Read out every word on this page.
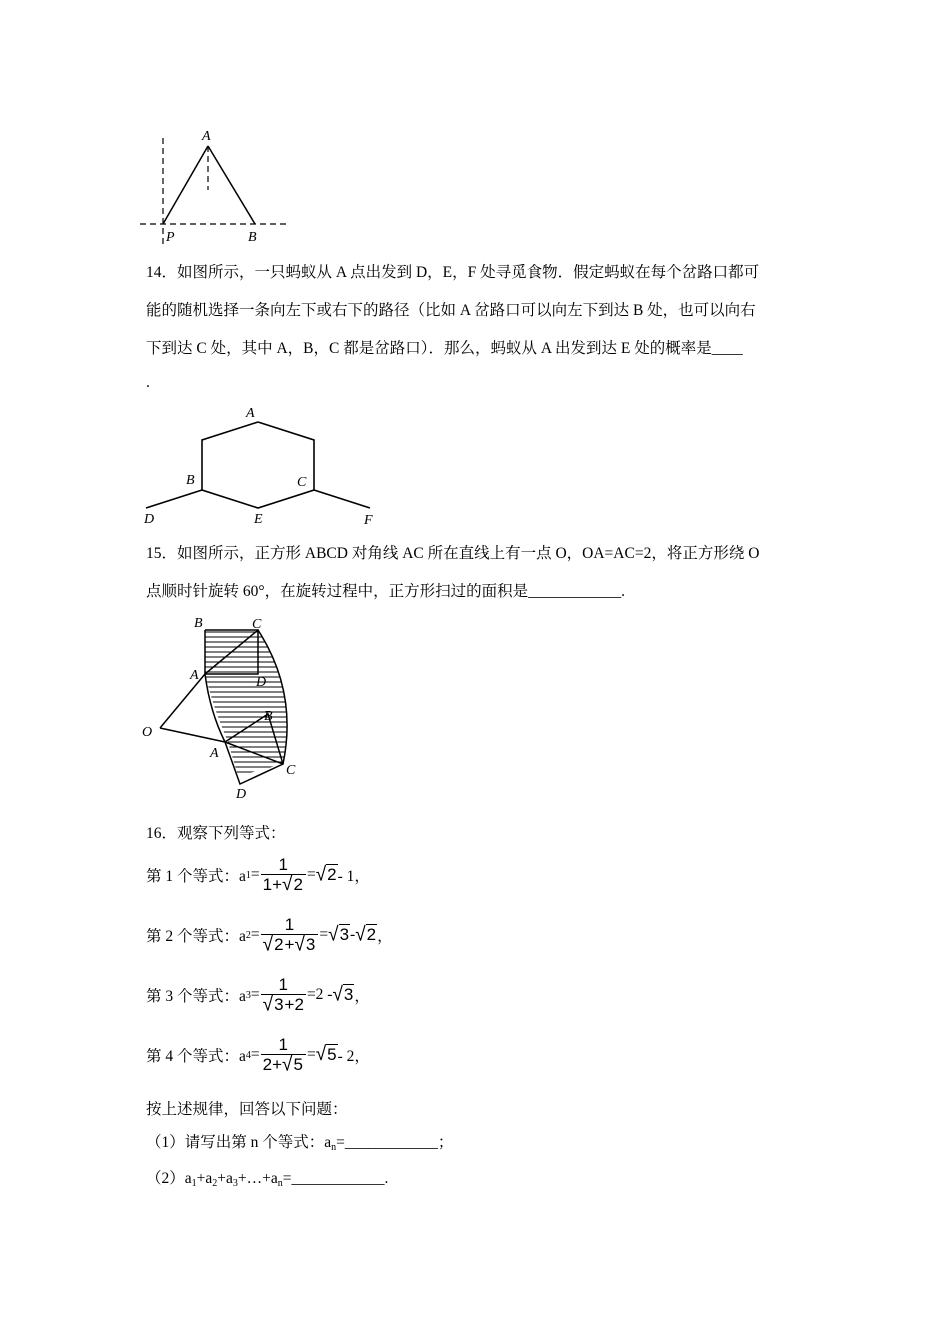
A
P	B
14．如图所示，一只蚂蚁从 A 点出发到 D，E，F 处寻觅食物．假定蚂蚁在每个岔路口都可
能的随机选择一条向左下或右下的路径（比如 A 岔路口可以向左下到达 B 处，也可以向右
下到达 C 处，其中 A，B，C 都是岔路口）．那么，蚂蚁从 A 出发到达 E 处的概率是____
.
A
B	C
D	E	F
15．如图所示，正方形 ABCD 对角线 AC 所在直线上有一点 O，OA=AC=2，将正方形绕 O
点顺时针旋转 60°，在旋转过程中，正方形扫过的面积是____________.
B	C
A	D
O
B
A
C
D
16．观察下列等式：
第 1 个等式：a $1 = \frac{1}{1+√2} = √2 - 1$，
第 2 个等式：a $2 = \frac{1}{√2+√3} = √3 - √2$ ，
第 3 个等式：a $3 = \frac{1}{√3+2} =2 - √3$ ，
第 4 个等式：a $4 = \frac{1}{2+√5} = √5 - 2$，
按上述规律，回答以下问题：
（1）请写出第 n 个等式：$a_n=\_\_\_\_\_\_\_\_\_\_\_\_$；
$(2)a_1+a_2+a_3+\dots+a_n=\_\_\_\_\_\_\_\_\_\_\_\_$.
